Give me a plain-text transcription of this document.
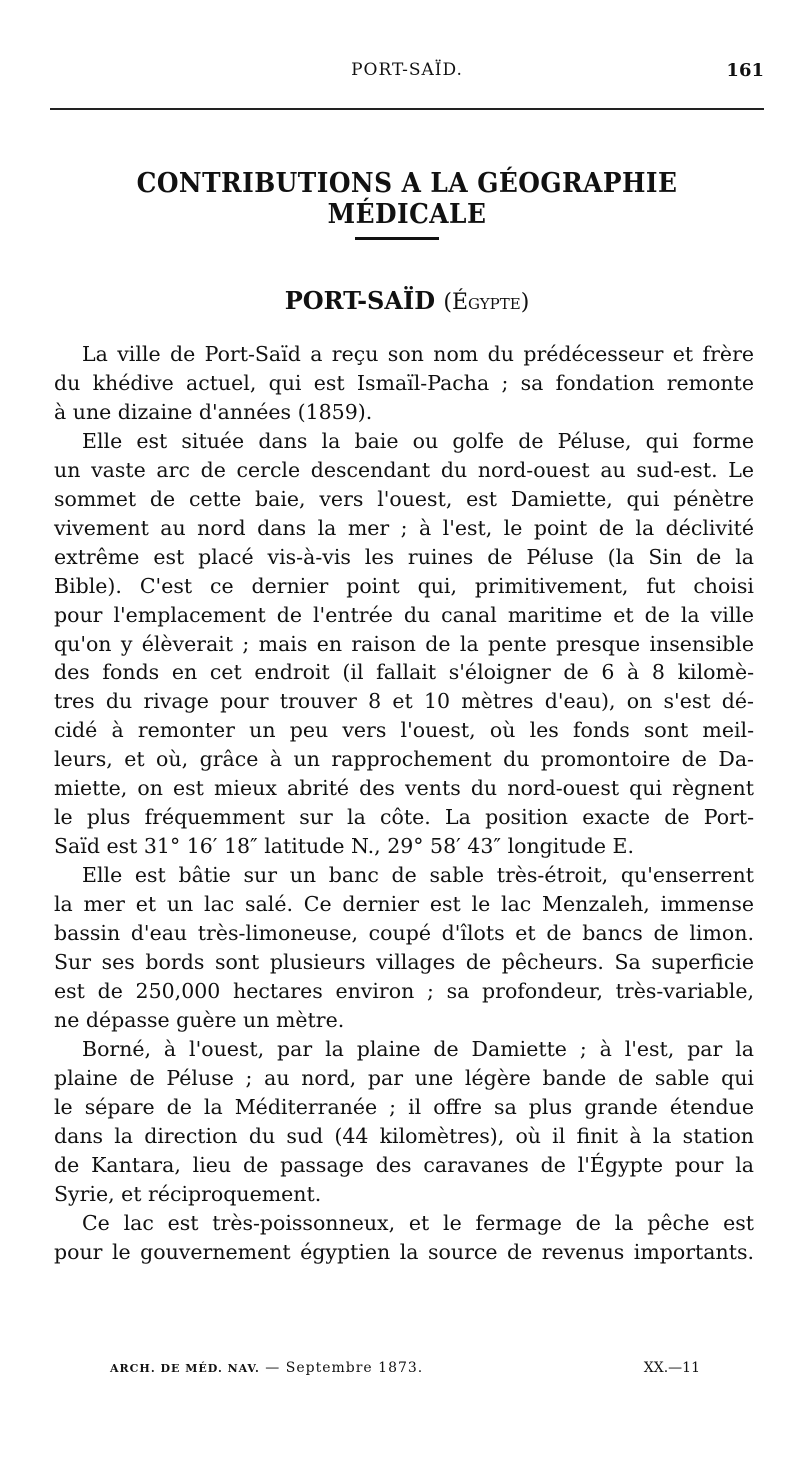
PORT-SAÏD.	161
CONTRIBUTIONS A LA GÉOGRAPHIE MÉDICALE
PORT-SAÏD (Égypte)
La ville de Port-Saïd a reçu son nom du prédécesseur et frère
du khédive actuel, qui est Ismaïl-Pacha ; sa fondation remonte
à une dizaine d'années (1859).
Elle est située dans la baie ou golfe de Péluse, qui forme
un vaste arc de cercle descendant du nord-ouest au sud-est. Le
sommet de cette baie, vers l'ouest, est Damiette, qui pénètre
vivement au nord dans la mer ; à l'est, le point de la déclivité
extrême est placé vis-à-vis les ruines de Péluse (la Sin de la
Bible). C'est ce dernier point qui, primitivement, fut choisi
pour l'emplacement de l'entrée du canal maritime et de la ville
qu'on y élèverait ; mais en raison de la pente presque insensible
des fonds en cet endroit (il fallait s'éloigner de 6 à 8 kilomè-
tres du rivage pour trouver 8 et 10 mètres d'eau), on s'est dé-
cidé à remonter un peu vers l'ouest, où les fonds sont meil-
leurs, et où, grâce à un rapprochement du promontoire de Da-
miette, on est mieux abrité des vents du nord-ouest qui règnent
le plus fréquemment sur la côte. La position exacte de Port-
Saïd est 31° 16′ 18″ latitude N., 29° 58′ 43″ longitude E.
Elle est bâtie sur un banc de sable très-étroit, qu'enserrent
la mer et un lac salé. Ce dernier est le lac Menzaleh, immense
bassin d'eau très-limoneuse, coupé d'îlots et de bancs de limon.
Sur ses bords sont plusieurs villages de pêcheurs. Sa superficie
est de 250,000 hectares environ ; sa profondeur, très-variable,
ne dépasse guère un mètre.
Borné, à l'ouest, par la plaine de Damiette ; à l'est, par la
plaine de Péluse ; au nord, par une légère bande de sable qui
le sépare de la Méditerranée ; il offre sa plus grande étendue
dans la direction du sud (44 kilomètres), où il finit à la station
de Kantara, lieu de passage des caravanes de l'Égypte pour la
Syrie, et réciproquement.
Ce lac est très-poissonneux, et le fermage de la pêche est
pour le gouvernement égyptien la source de revenus importants.
ARCH. DE MÉD. NAV. — Septembre 1873.	XX.—11
